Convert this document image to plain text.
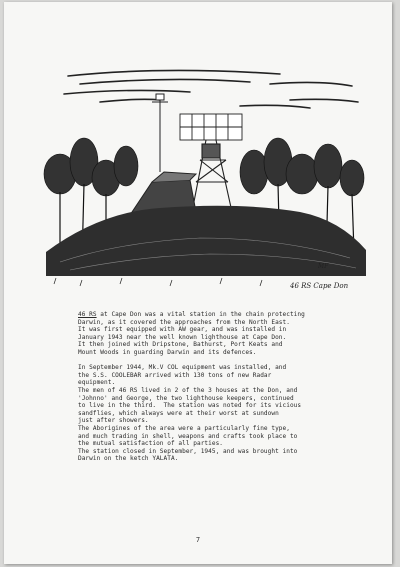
MF
46 RS Cape Don
46 RS at Cape Don was a vital station in the chain protecting
Darwin, as it covered the approaches from the North East.
It was first equipped with AW gear, and was installed in
January 1943 near the well known lighthouse at Cape Don.
It then joined with Dripstone, Bathurst, Port Keats and
Mount Woods in guarding Darwin and its defences.
In September 1944, Mk.V COL equipment was installed, and
the S.S. COOLEBAR arrived with 130 tons of new Radar
equipment.
The men of 46 RS lived in 2 of the 3 houses at the Don, and
'Johnno' and George, the two lighthouse keepers, continued
to live in the third.  The station was noted for its vicious
sandflies, which always were at their worst at sundown
just after showers.
The Aborigines of the area were a particularly fine type,
and much trading in shell, weapons and crafts took place to
the mutual satisfaction of all parties.
The station closed in September, 1945, and was brought into
Darwin on the ketch YALATA.
7
